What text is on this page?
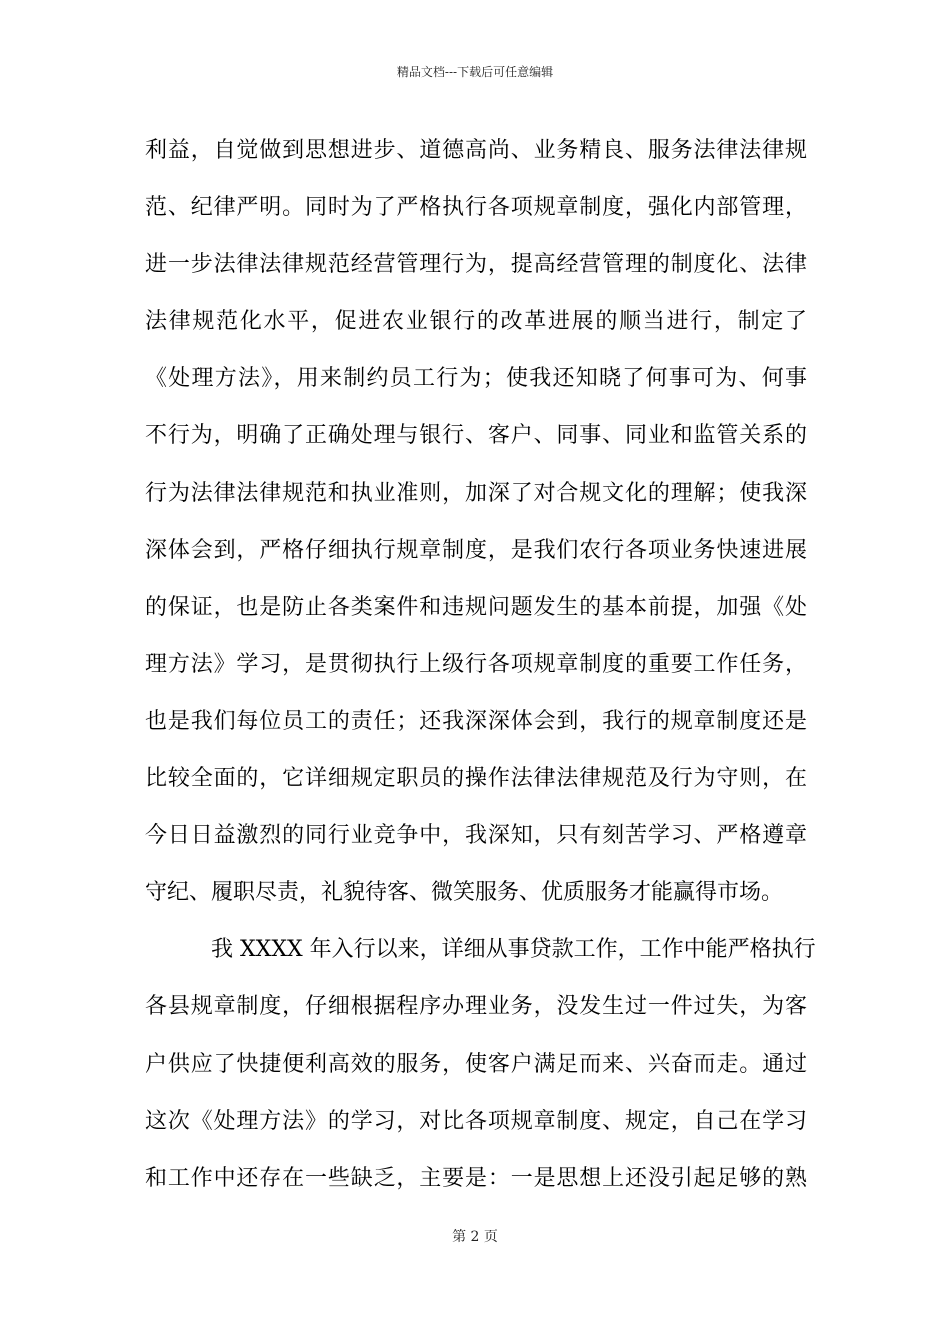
精品文档---下载后可任意编辑
利益，自觉做到思想进步、道德高尚、业务精良、服务法律法律规
范、纪律严明。同时为了严格执行各项规章制度，强化内部管理，
进一步法律法律规范经营管理行为，提高经营管理的制度化、法律
法律规范化水平，促进农业银行的改革进展的顺当进行，制定了
《处理方法》，用来制约员工行为；使我还知晓了何事可为、何事
不行为，明确了正确处理与银行、客户、同事、同业和监管关系的
行为法律法律规范和执业准则，加深了对合规文化的理解；使我深
深体会到，严格仔细执行规章制度，是我们农行各项业务快速进展
的保证，也是防止各类案件和违规问题发生的基本前提，加强《处
理方法》学习，是贯彻执行上级行各项规章制度的重要工作任务，
也是我们每位员工的责任；还我深深体会到，我行的规章制度还是
比较全面的，它详细规定职员的操作法律法律规范及行为守则，在
今日日益激烈的同行业竞争中，我深知，只有刻苦学习、严格遵章
守纪、履职尽责，礼貌待客、微笑服务、优质服务才能赢得市场。
我 XXXX 年入行以来，详细从事贷款工作，工作中能严格执行
各县规章制度，仔细根据程序办理业务，没发生过一件过失，为客
户供应了快捷便利高效的服务，使客户满足而来、兴奋而走。通过
这次《处理方法》的学习，对比各项规章制度、规定，自己在学习
和工作中还存在一些缺乏，主要是：一是思想上还没引起足够的熟
第 2 页
